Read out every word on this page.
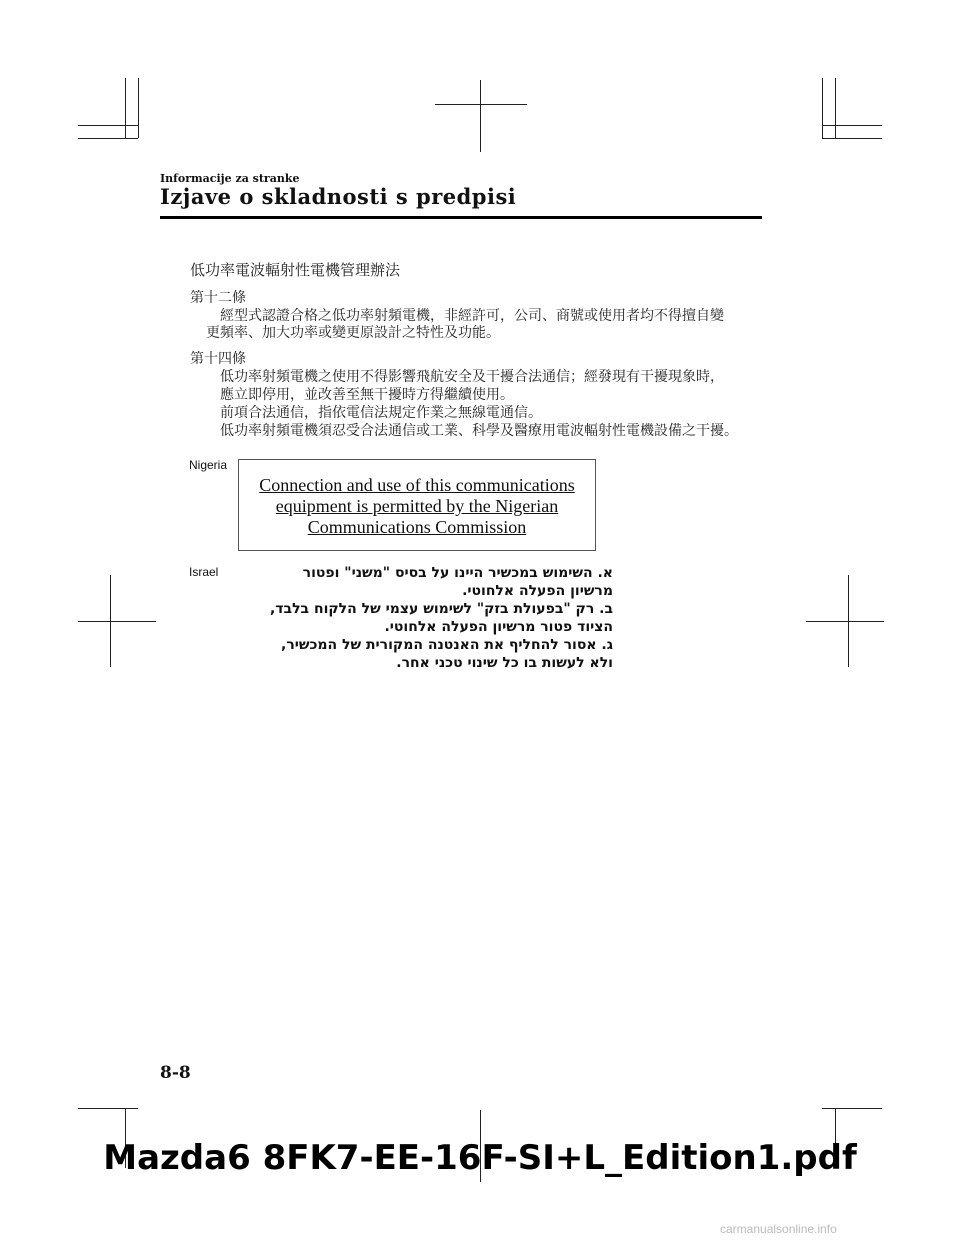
Informacije za stranke
Izjave o skladnosti s predpisi
低功率電波輻射性電機管理辦法
第十二條
經型式認證合格之低功率射頻電機，非經許可，公司、商號或使用者均不得擅自變
更頻率、加大功率或變更原設計之特性及功能。
第十四條
低功率射頻電機之使用不得影響飛航安全及干擾合法通信；經發現有干擾現象時，
應立即停用，並改善至無干擾時方得繼續使用。
前項合法通信，指依電信法規定作業之無線電通信。
低功率射頻電機須忍受合法通信或工業、科學及醫療用電波輻射性電機設備之干擾。
Nigeria
Connection and use of this communications
equipment is permitted by the Nigerian
Communications Commission
Israel	א. השימוש במכשיר היינו על בסיס "משני" ופטור
מרשיון הפעלה אלחוטי.
ב. רק "בפעולת בזק" לשימוש עצמי של הלקוח בלבד,
הציוד פטור מרשיון הפעלה אלחוטי.
ג. אסור להחליף את האנטנה המקורית של המכשיר,
ולא לעשות בו כל שינוי טכני אחר.
8-8
Mazda6 8FK7-EE-16F-SI+L_Edition1.pdf
carmanualsonline.info
